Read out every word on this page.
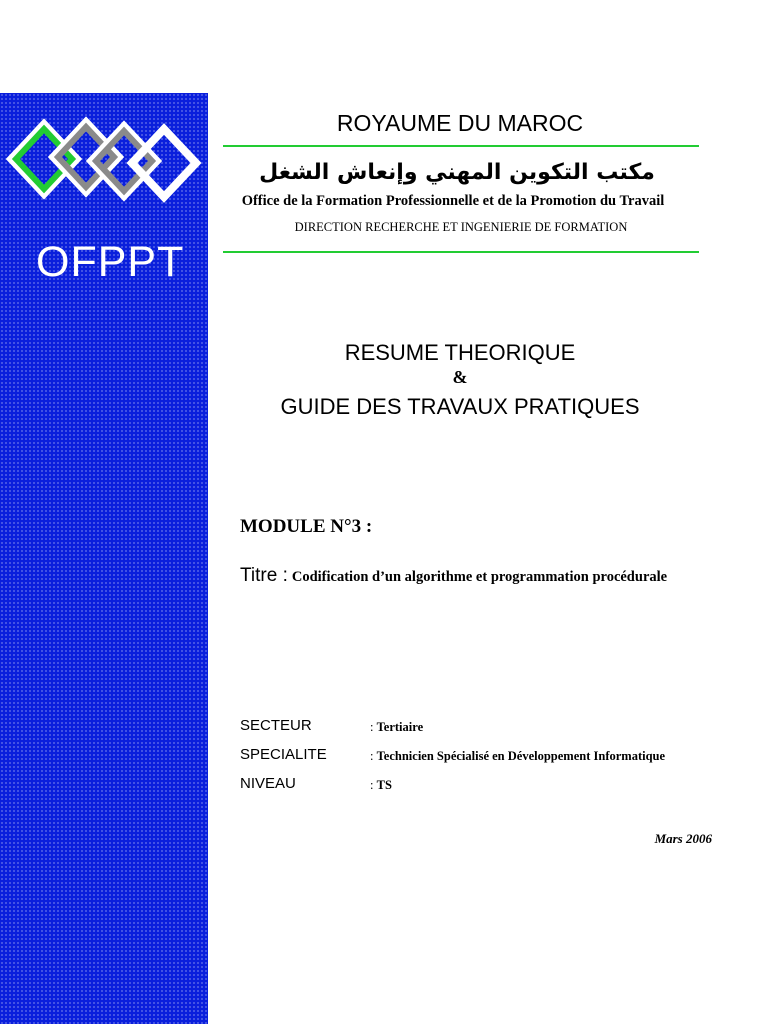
OFPPT
ROYAUME DU MAROC
مكتب التكوين المهني وإنعاش الشغل
Office de la Formation Professionnelle et de la Promotion du Travail
DIRECTION RECHERCHE ET INGENIERIE DE FORMATION
RESUME THEORIQUE
&
GUIDE DES TRAVAUX PRATIQUES
MODULE N°3 :
Titre : Codification d’un algorithme et programmation procédurale
SECTEUR	: Tertiaire
SPECIALITE	: Technicien Spécialisé en Développement Informatique
NIVEAU	: TS
Mars 2006
